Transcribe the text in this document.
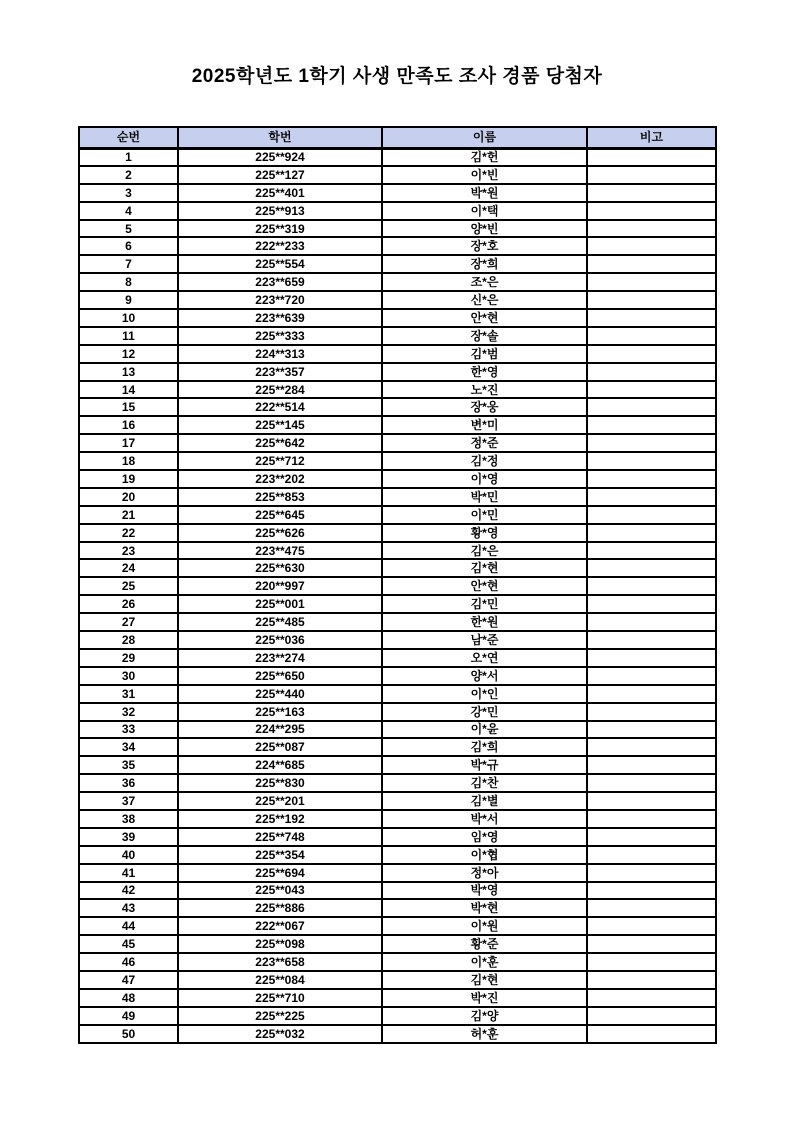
2025학년도 1학기 사생 만족도 조사 경품 당첨자
순번	학번	이름	비고
1	225**924	김*헌	
2	225**127	이*빈	
3	225**401	박*원	
4	225**913	이*택	
5	225**319	양*빈	
6	222**233	장*호	
7	225**554	장*희	
8	223**659	조*은	
9	223**720	신*은	
10	223**639	안*현	
11	225**333	장*솔	
12	224**313	김*범	
13	223**357	한*영	
14	225**284	노*진	
15	222**514	장*웅	
16	225**145	변*미	
17	225**642	정*준	
18	225**712	김*정	
19	223**202	이*영	
20	225**853	박*민	
21	225**645	이*민	
22	225**626	황*영	
23	223**475	김*은	
24	225**630	김*현	
25	220**997	안*현	
26	225**001	김*민	
27	225**485	한*원	
28	225**036	남*준	
29	223**274	오*연	
30	225**650	양*서	
31	225**440	이*인	
32	225**163	강*민	
33	224**295	이*윤	
34	225**087	김*희	
35	224**685	박*규	
36	225**830	김*찬	
37	225**201	김*별	
38	225**192	박*서	
39	225**748	임*영	
40	225**354	이*협	
41	225**694	정*아	
42	225**043	박*영	
43	225**886	박*현	
44	222**067	이*원	
45	225**098	황*준	
46	223**658	이*훈	
47	225**084	김*현	
48	225**710	박*진	
49	225**225	김*양	
50	225**032	허*훈	
